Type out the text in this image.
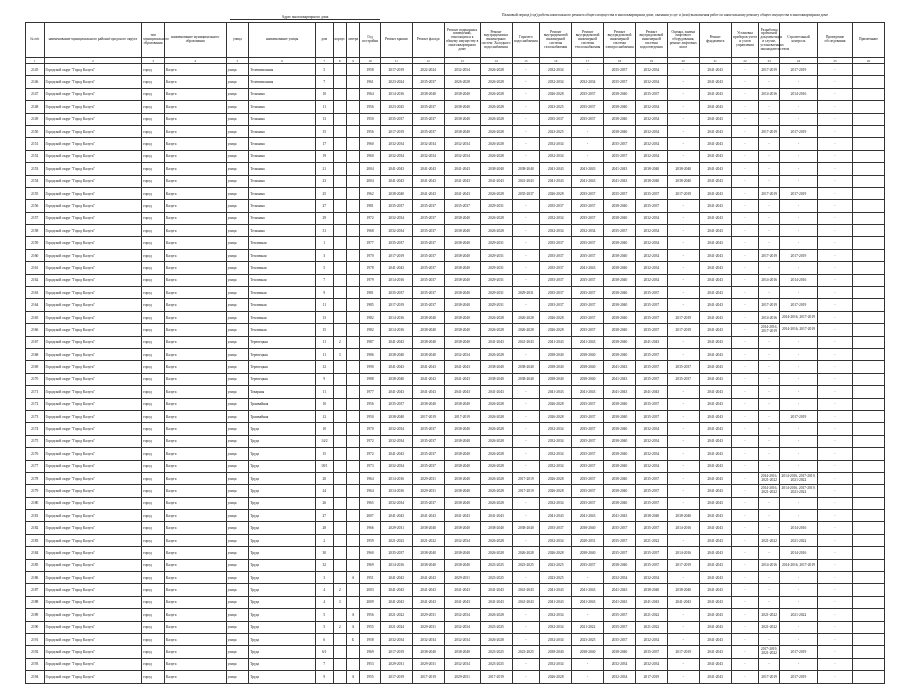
Адрес многоквартирного дома	Плановый период (год) работы капитального ремонта общего имущества в многоквартирном доме, оказания услуг и (или) выполнения работ по капитальному ремонту общего имущества в многоквартирном доме
№ п/п	наименование муниципального района/городского округа	тип муниципального образования	наименование муниципального образования	улица	наименование улицы	дом	корпус	литера	Год постройки	Ремонт крыши	Ремонт фасада	Ремонт подвальных помещений, относящихся к общему имуществу в многоквартирном доме	Ремонт внутридомовых инженерных систем: Холодного водоснабжения	Горячего водоснабжения	Ремонт внутридомовой инженерной системы газоснабжения	Ремонт внутридомовой инженерной системы теплоснабжения	Ремонт внутридомовой инженерной системы электроснабжения	Ремонт внутридомовой инженерной системы водоотведения	Оценка, замена лифтового оборудования, ремонт лифтовых шахт	Ремонт фундамента	Установка приборов учета и узлов управления	Разработка проектной документации в случае, установленных законодательством	Строительный контроль	Проведение обследования	Примечание
1	2	3	4	5	6	7	8	9	10	11	12	13	14	15	16	17	18	19	20	21	22	23	24	25	26
2145	Городской округ "Город Калуга"	город	Калуга	улица	Телевизионная	5			1958	2017-2019	2022-2024	2032-2034	2026-2028	-	2032-2034	-	2035-2037	2032-2034	-	2041-2043	-	2017-2019	2017-2019	-	
2146	Городской округ "Город Калуга"	город	Калуга	улица	Телевизионная	7			1961	2023-2024	2035-2037	2026-2028	2026-2028	-	2032-2034	2032-2034	2035-2037	2032-2034	-	2041-2043	-	-	-	-	
2147	Городской округ "Город Калуга"	город	Калуга	улица	Тельмана	10			1964	2014-2016	2038-2040	2038-2040	2026-2028	-	2026-2028	2035-2037	2038-2040	2035-2037	-	2041-2043	-	2014-2016	2014-2016	-	
2148	Городской округ "Город Калуга"	город	Калуга	улица	Тельмана	11			1956	2023-2025	2035-2037	2038-2040	2026-2028	-	2023-2025	2035-2037	2038-2040	2032-2034	-	2041-2043	-	-	-	-	
2149	Городской округ "Город Калуга"	город	Калуга	улица	Тельмана	13			1950	2035-2037	2035-2037	2038-2040	2026-2028	-	2035-2037	2035-2037	2038-2040	2032-2034	-	2041-2043	-	-	-	-	
2150	Городской округ "Город Калуга"	город	Калуга	улица	Тельмана	15			1956	2017-2019	2035-2037	2038-2040	2026-2028	-	2023-2025	-	2038-2040	2032-2034	-	2041-2043	-	2017-2019	2017-2019	-	
2151	Городской округ "Город Калуга"	город	Калуга	улица	Тельмана	17			1960	2032-2034	2032-2034	2032-2034	2026-2028	-	2032-2034	-	2035-2037	2032-2034	-	2041-2043	-	-	-	-	
2152	Городской округ "Город Калуга"	город	Калуга	улица	Тельмана	19			1960	2032-2034	2032-2034	2032-2034	2026-2028	-	2032-2034	-	2035-2037	2032-2034	-	2041-2043	-	-	-	-	
2153	Городской округ "Город Калуга"	город	Калуга	улица	Тельмана	21			2004	2041-2043	2041-2043	2041-2043	2038-2040	2038-2040	2041-2043	2041-2043	2041-2043	2038-2040	2038-2040	2041-2043	-	-	-	-	
2154	Городской округ "Город Калуга"	город	Калуга	улица	Тельмана	23			2004	2041-2043	2041-2043	2041-2043	2041-2043	2041-2043	2041-2043	2041-2043	2041-2043	2038-2040	2038-2040	2041-2043	-	-	-	-	
2155	Городской округ "Город Калуга"	город	Калуга	улица	Тельмана	25			1962	2038-2040	2041-2043	2041-2043	2026-2028	2035-2037	2026-2028	2035-2037	2035-2037	2035-2037	2017-2019	2041-2043	-	2017-2019	2017-2019	-	
2156	Городской округ "Город Калуга"	город	Калуга	улица	Тельмана	27			1981	2035-2037	2035-2037	2035-2037	2029-2031	-	2035-2037	2035-2037	2038-2040	2035-2037	-	2041-2043	-	-	-	-	
2157	Городской округ "Город Калуга"	город	Калуга	улица	Тельмана	29			1972	2032-2034	2035-2037	2038-2040	2026-2028	-	2032-2034	2035-2037	2038-2040	2032-2034	-	2041-2043	-	-	-	-	
2158	Городской округ "Город Калуга"	город	Калуга	улица	Тельмана	31			1968	2032-2034	2035-2037	2038-2040	2026-2028	-	2032-2034	2032-2034	2035-2037	2032-2034	-	2041-2043	-	-	-	-	
2159	Городской округ "Город Калуга"	город	Калуга	улица	Тепличная	1			1977	2035-2037	2035-2037	2038-2040	2029-2031	-	2035-2037	2035-2037	2038-2040	2032-2034	-	2041-2043	-	-	-	-	
2160	Городской округ "Город Калуга"	город	Калуга	улица	Тепличная	3			1970	2017-2019	2035-2037	2038-2040	2029-2031	-	2035-2037	2035-2037	2038-2040	2032-2034	-	2041-2043	-	2017-2019	2017-2019	-	
2161	Городской округ "Город Калуга"	город	Калуга	улица	Тепличная	5			1978	2041-2043	2035-2037	2038-2040	2029-2031	-	2035-2037	2041-2043	2038-2040	2032-2034	-	2041-2043	-	-	-	-	
2162	Городской округ "Город Калуга"	город	Калуга	улица	Тепличная	7			1979	2014-2016	2035-2037	2038-2040	2029-2031	-	2035-2037	2035-2037	2038-2040	2032-2034	-	2041-2043	-	2014-2016	2014-2016	-	
2163	Городской округ "Город Калуга"	город	Калуга	улица	Тепличная	9			1981	2035-2037	2035-2037	2038-2040	2029-2031	2029-2031	2035-2037	2035-2037	2038-2040	2035-2037	-	2041-2043	-	-	-	-	
2164	Городской округ "Город Калуга"	город	Калуга	улица	Тепличная	11			1985	2017-2019	2035-2037	2038-2040	2029-2031	-	2035-2037	2035-2037	2038-2040	2035-2037	-	2041-2043	-	2017-2019	2017-2019	-	
2165	Городской округ "Город Калуга"	город	Калуга	улица	Тепличная	13			1982	2014-2016	2038-2040	2038-2040	2026-2028	2026-2028	2026-2028	2035-2037	2038-2040	2035-2037	2017-2019	2041-2043	-	2014-2016	2014-2016, 2017-2019	-	
2166	Городской округ "Город Калуга"	город	Калуга	улица	Тепличная	15			1982	2014-2016	2038-2040	2038-2040	2026-2028	2026-2028	2026-2028	2035-2037	2038-2040	2035-2037	2017-2019	2041-2043	-	2014-2016, 2017-2019	2014-2016, 2017-2019	-	
2167	Городской округ "Город Калуга"	город	Калуга	улица	Терепецкая	11	2		1987	2041-2043	2038-2040	2038-2040	2041-2043	2041-2043	2041-2043	2041-2043	2038-2040	2041-2043	-	2041-2043	-	-	-	-	
2168	Городской округ "Город Калуга"	город	Калуга	улица	Терепецкая	11	3		1986	2038-2040	2038-2040	2032-2034	2026-2028	-	2038-2040	2038-2040	2038-2040	2035-2037	-	2041-2043	-	-	-	-	
2169	Городской округ "Город Калуга"	город	Калуга	улица	Терепецкая	12			1990	2041-2043	2041-2043	2041-2043	2038-2040	2038-2040	2038-2040	2038-2040	2041-2043	2035-2037	2035-2037	2041-2043	-	-	-	-	
2170	Городской округ "Город Калуга"	город	Калуга	улица	Терепецкая	9			1988	2038-2040	2041-2043	2041-2043	2038-2040	2038-2040	2038-2040	2038-2040	2041-2043	2035-2037	2035-2037	2041-2043	-	-	-	-	
2171	Городской округ "Город Калуга"	город	Калуга	улица	Товарная	11			1977	2041-2043	2041-2043	2041-2043	2041-2043	-	2041-2043	2041-2043	2041-2043	2041-2043	-	2041-2043	-	-	-	-	
2172	Городской округ "Город Калуга"	город	Калуга	улица	Трамвайная	10			1956	2035-2037	2038-2040	2038-2040	2026-2028	-	2026-2028	2035-2037	2038-2040	2035-2037	-	2041-2043	-	-	-	-	
2173	Городской округ "Город Калуга"	город	Калуга	улица	Трамвайная	12			1950	2038-2040	2017-2019	2017-2019	2026-2028	-	2026-2028	2035-2037	2038-2040	2035-2037	-	2041-2043	-	-	2017-2019	-	
2174	Городской округ "Город Калуга"	город	Калуга	улица	Труда	10			1970	2032-2034	2035-2037	2038-2040	2026-2028	-	2032-2034	2035-2037	2038-2040	2032-2034	-	2041-2043	-	-	-	-	
2175	Городской округ "Город Калуга"	город	Калуга	улица	Труда	14/2			1972	2032-2034	2035-2037	2038-2040	2026-2028	-	2032-2034	2035-2037	2038-2040	2032-2034	-	2041-2043	-	-	-	-	
2176	Городской округ "Город Калуга"	город	Калуга	улица	Труда	15			1972	2041-2043	2035-2037	2038-2040	2026-2028	-	2032-2034	2035-2037	2038-2040	2032-2034	-	2041-2043	-	-	-	-	
2177	Городской округ "Город Калуга"	город	Калуга	улица	Труда	18/1			1973	2032-2034	2035-2037	2038-2040	2026-2028	-	2032-2034	2035-2037	2038-2040	2032-2034	-	2041-2043	-	-	-	-	
2178	Городской округ "Город Калуга"	город	Калуга	улица	Труда	20			1964	2014-2016	2029-2031	2038-2040	2026-2028	2017-2019	2026-2028	2035-2037	2038-2040	2035-2037	-	2041-2043	-	2014-2016, 2021-2022	2014-2016, 2017-2019, 2021-2022	-	
2179	Городской округ "Город Калуга"	город	Калуга	улица	Труда	24			1964	2014-2016	2029-2031	2038-2040	2026-2028	2017-2019	2026-2028	2035-2037	2038-2040	2035-2037	-	2041-2043	-	2014-2016, 2021-2022	2014-2016, 2017-2019, 2021-2022	-	
2180	Городской округ "Город Калуга"	город	Калуга	улица	Труда	26			1965	2032-2034	2035-2037	2038-2040	2026-2028	-	2032-2034	2035-2037	2038-2040	2035-2037	-	2041-2043	-	-	-	-	
2181	Городской округ "Город Калуга"	город	Калуга	улица	Труда	27			2007	2041-2043	2041-2043	2041-2043	2041-2043	-	2041-2043	2041-2043	2041-2043	2038-2040	2038-2040	2041-2043	-	-	-	-	
2182	Городской округ "Город Калуга"	город	Калуга	улица	Труда	28			1966	2029-2031	2038-2040	2038-2040	2038-2040	2038-2040	2035-2037	2038-2040	2035-2037	2035-2037	2014-2016	2041-2043	-	-	2014-2016	-	
2183	Городской округ "Город Калуга"	город	Калуга	улица	Труда	2			1959	2021-2023	2021-2022	2032-2034	2026-2028	-	2032-2034	2020-2031	2035-2037	2021-2022	-	2041-2043	-	2021-2022	2021-2022	-	
2184	Городской округ "Город Калуга"	город	Калуга	улица	Труда	30			1960	2035-2037	2038-2040	2038-2040	2026-2028	2026-2028	2026-2028	2038-2040	2035-2037	2035-2037	2014-2016	2041-2043	-	-	2014-2016	-	
2185	Городской округ "Город Калуга"	город	Калуга	улица	Труда	32			1969	2014-2016	2038-2040	2038-2040	2023-2025	2023-2025	2023-2025	2035-2037	2038-2040	2035-2037	2017-2019	2041-2043	-	2014-2016	2014-2016, 2017-2019	-	
2186	Городской округ "Город Калуга"	город	Калуга	улица	Труда	3		А	1951	2041-2043	2041-2043	2029-2031	2023-2025	-	2023-2025	-	2032-2034	2032-2034	-	2041-2043	-	-	-	-	
2187	Городской округ "Город Калуга"	город	Калуга	улица	Труда	4	2		2003	2041-2043	2041-2043	2041-2043	2041-2043	2041-2043	2041-2043	2041-2043	2041-2043	2038-2040	2038-2040	2041-2043	-	-	-	-	
2188	Городской округ "Город Калуга"	город	Калуга	улица	Труда	4	3		2009	2041-2043	2041-2043	2041-2043	2041-2043	2041-2043	2041-2043	2041-2043	2041-2043	2041-2043	2041-2043	2041-2043	-	-	-	-	
2189	Городской округ "Город Калуга"	город	Калуга	улица	Труда	5		А	1956	2021-2022	2029-2031	2032-2034	2026-2028	-	2032-2034	-	2035-2037	2021-2022	-	2041-2043	-	2021-2022	2021-2022	-	
2190	Городской округ "Город Калуга"	город	Калуга	улица	Труда	5	2	А	1955	2021-2024	2029-2031	2032-2034	2023-2025	-	2032-2034	2021-2022	2035-2037	2021-2022	-	2041-2043	-	2021-2022	-	-	
2191	Городской округ "Город Калуга"	город	Калуга	улица	Труда	6		Б	1958	2032-2034	2032-2034	2032-2034	2026-2028	-	2032-2034	2023-2025	2035-2037	2032-2034	-	2041-2043	-	-	-	-	
2192	Городской округ "Город Калуга"	город	Калуга	улица	Труда	6/1			1969	2017-2019	2038-2040	2038-2040	2023-2025	2023-2025	2038-2040	2038-2040	2038-2040	2035-2037	2017-2019	2041-2043	-	2017-2019, 2021-2022	2017-2019	-	
2193	Городской округ "Город Калуга"	город	Калуга	улица	Труда	7			1953	2029-2031	2029-2031	2032-2034	2023-2025	-	2032-2034	-	2032-2034	2032-2034	-	2041-2043	-	-	-	-	
2194	Городской округ "Город Калуга"	город	Калуга	улица	Труда	9		А	1955	2017-2019	2017-2019	2029-2031	2017-2019	-	2026-2028	-	2032-2034	2017-2019	-	2041-2043	-	2017-2019	2017-2019	-	
